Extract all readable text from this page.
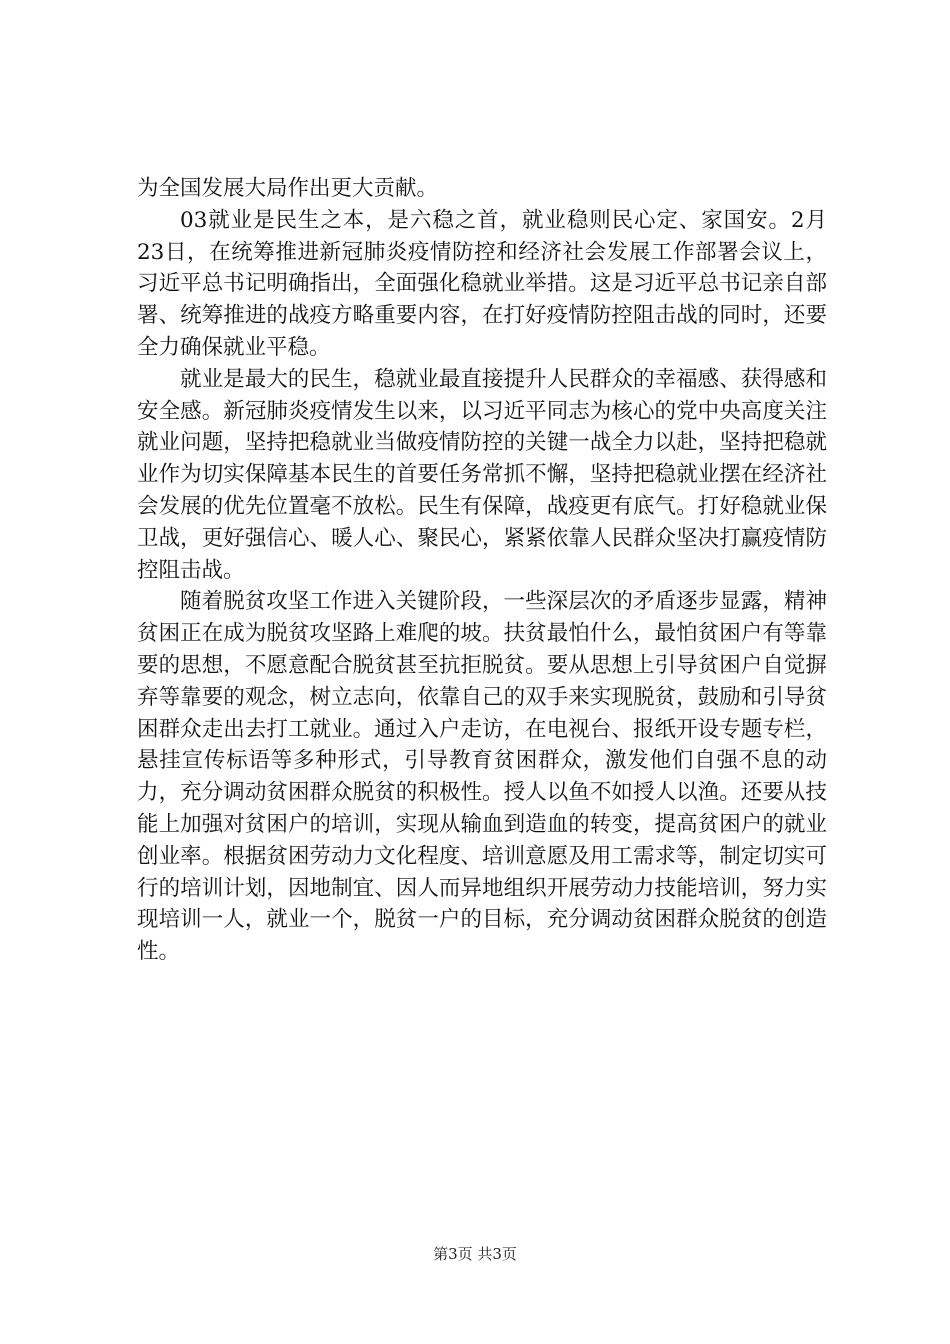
为全国发展大局作出更大贡献。

03就业是民生之本，是六稳之首，就业稳则民心定、家国安。2月23日，在统筹推进新冠肺炎疫情防控和经济社会发展工作部署会议上，习近平总书记明确指出，全面强化稳就业举措。这是习近平总书记亲自部署、统筹推进的战疫方略重要内容，在打好疫情防控阻击战的同时，还要全力确保就业平稳。

就业是最大的民生，稳就业最直接提升人民群众的幸福感、获得感和安全感。新冠肺炎疫情发生以来，以习近平同志为核心的党中央高度关注就业问题，坚持把稳就业当做疫情防控的关键一战全力以赴，坚持把稳就业作为切实保障基本民生的首要任务常抓不懈，坚持把稳就业摆在经济社会发展的优先位置毫不放松。民生有保障，战疫更有底气。打好稳就业保卫战，更好强信心、暖人心、聚民心，紧紧依靠人民群众坚决打赢疫情防控阻击战。

随着脱贫攻坚工作进入关键阶段，一些深层次的矛盾逐步显露，精神贫困正在成为脱贫攻坚路上难爬的坡。扶贫最怕什么，最怕贫困户有等靠要的思想，不愿意配合脱贫甚至抗拒脱贫。要从思想上引导贫困户自觉摒弃等靠要的观念，树立志向，依靠自己的双手来实现脱贫，鼓励和引导贫困群众走出去打工就业。通过入户走访，在电视台、报纸开设专题专栏，悬挂宣传标语等多种形式，引导教育贫困群众，激发他们自强不息的动力，充分调动贫困群众脱贫的积极性。授人以鱼不如授人以渔。还要从技能上加强对贫困户的培训，实现从输血到造血的转变，提高贫困户的就业创业率。根据贫困劳动力文化程度、培训意愿及用工需求等，制定切实可行的培训计划，因地制宜、因人而异地组织开展劳动力技能培训，努力实现培训一人，就业一个，脱贫一户的目标，充分调动贫困群众脱贫的创造性。

第3页 共3页
